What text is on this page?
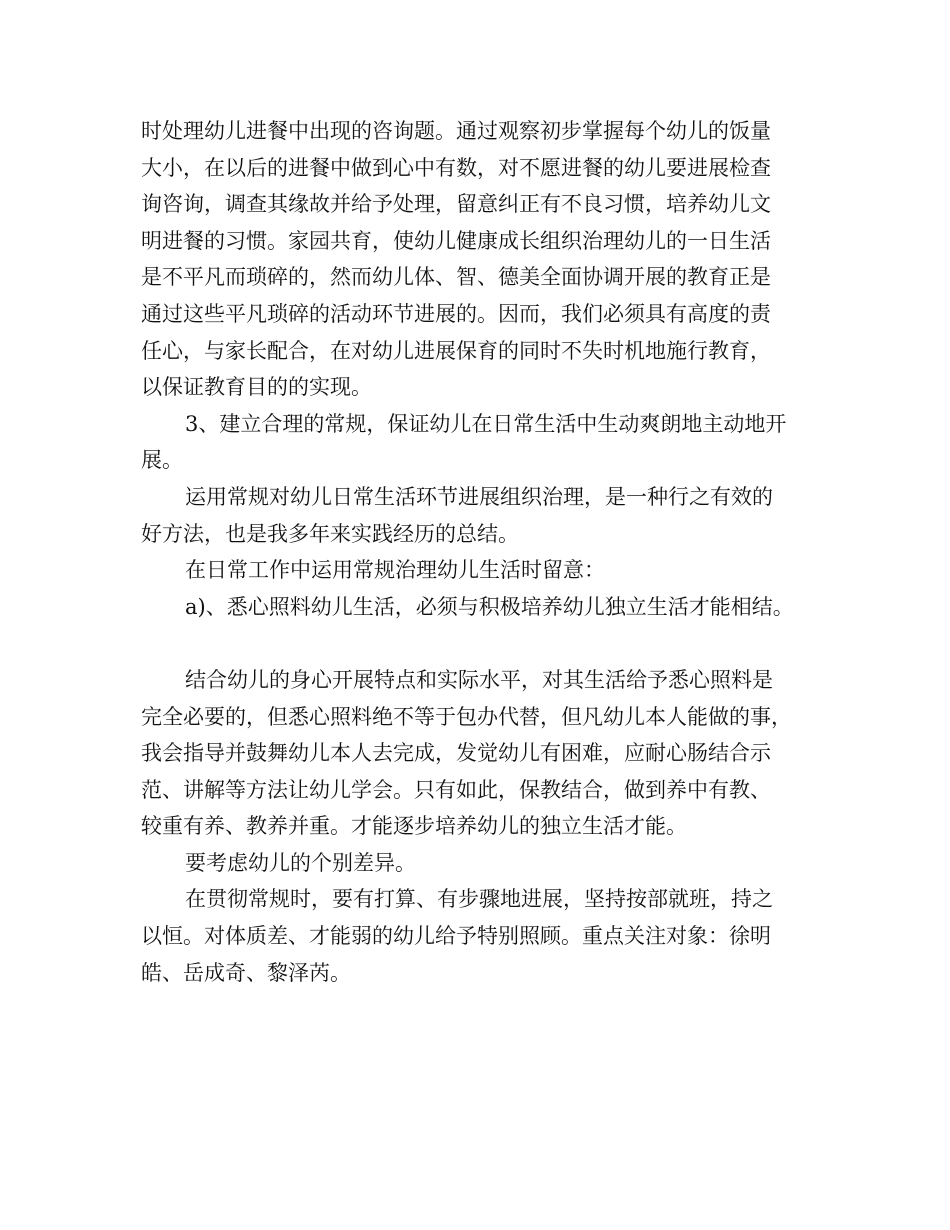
时处理幼儿进餐中出现的咨询题。通过观察初步掌握每个幼儿的饭量
大小，在以后的进餐中做到心中有数，对不愿进餐的幼儿要进展检查
询咨询，调查其缘故并给予处理，留意纠正有不良习惯，培养幼儿文
明进餐的习惯。家园共育，使幼儿健康成长组织治理幼儿的一日生活
是不平凡而琐碎的，然而幼儿体、智、德美全面协调开展的教育正是
通过这些平凡琐碎的活动环节进展的。因而，我们必须具有高度的责
任心，与家长配合，在对幼儿进展保育的同时不失时机地施行教育，
以保证教育目的的实现。
3、建立合理的常规，保证幼儿在日常生活中生动爽朗地主动地开
展。
运用常规对幼儿日常生活环节进展组织治理，是一种行之有效的
好方法，也是我多年来实践经历的总结。
在日常工作中运用常规治理幼儿生活时留意：
a)、悉心照料幼儿生活，必须与积极培养幼儿独立生活才能相结。
结合幼儿的身心开展特点和实际水平，对其生活给予悉心照料是
完全必要的，但悉心照料绝不等于包办代替，但凡幼儿本人能做的事，
我会指导并鼓舞幼儿本人去完成，发觉幼儿有困难，应耐心肠结合示
范、讲解等方法让幼儿学会。只有如此，保教结合，做到养中有教、
较重有养、教养并重。才能逐步培养幼儿的独立生活才能。
要考虑幼儿的个别差异。
在贯彻常规时，要有打算、有步骤地进展，坚持按部就班，持之
以恒。对体质差、才能弱的幼儿给予特别照顾。重点关注对象：徐明
皓、岳成奇、黎泽芮。
